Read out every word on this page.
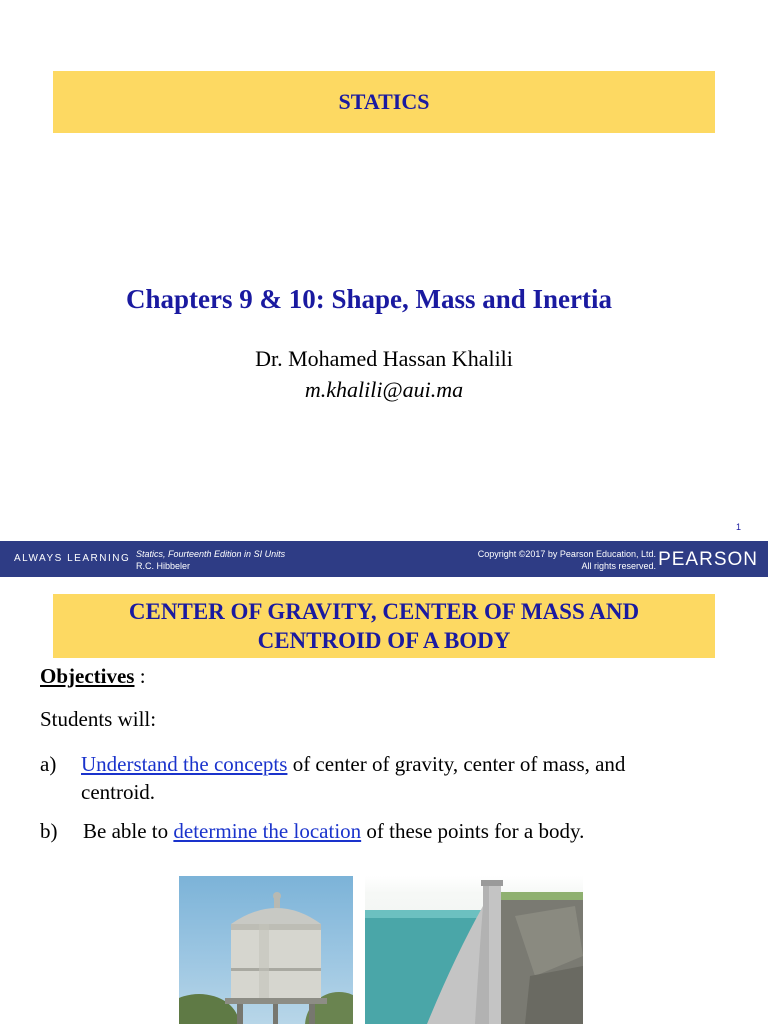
STATICS
Chapters 9 & 10: Shape, Mass and Inertia
Dr. Mohamed Hassan Khalili
m.khalili@aui.ma
1
ALWAYS LEARNING Statics, Fourteenth Edition in SI Units
R.C. Hibbeler
Copyright ©2017 by Pearson Education, Ltd.
All rights reserved. PEARSON
CENTER OF GRAVITY, CENTER OF MASS AND
CENTROID OF A BODY
Objectives :
Students will:
a) Understand the concepts of center of gravity, center of mass, and centroid.
b) Be able to determine the location of these points for a body.
